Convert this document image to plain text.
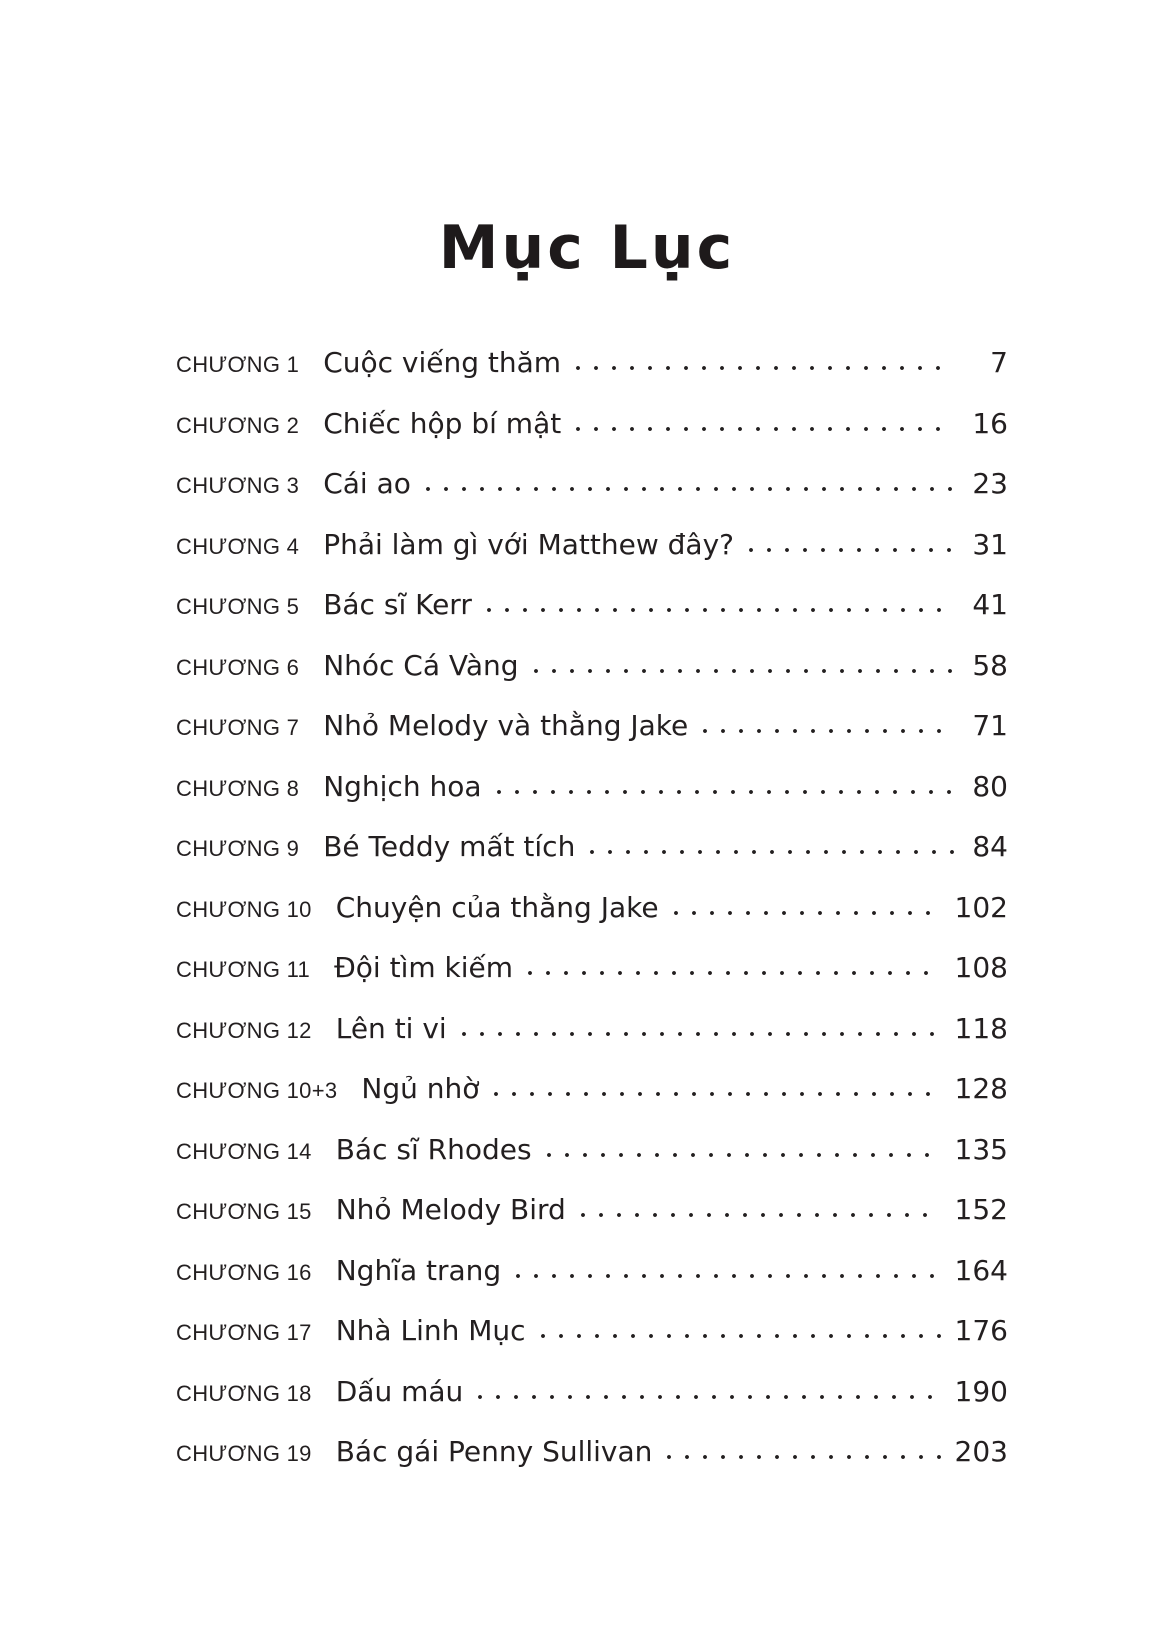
Mục Lục
CHƯƠNG 1 Cuộc viếng thăm	7
CHƯƠNG 2 Chiếc hộp bí mật	16
CHƯƠNG 3 Cái ao	23
CHƯƠNG 4 Phải làm gì với Matthew đây?	31
CHƯƠNG 5 Bác sĩ Kerr	41
CHƯƠNG 6 Nhóc Cá Vàng	58
CHƯƠNG 7 Nhỏ Melody và thằng Jake	71
CHƯƠNG 8 Nghịch hoa	80
CHƯƠNG 9 Bé Teddy mất tích	84
CHƯƠNG 10 Chuyện của thằng Jake	102
CHƯƠNG 11 Đội tìm kiếm	108
CHƯƠNG 12 Lên ti vi	118
CHƯƠNG 10+3 Ngủ nhờ	128
CHƯƠNG 14 Bác sĩ Rhodes	135
CHƯƠNG 15 Nhỏ Melody Bird	152
CHƯƠNG 16 Nghĩa trang	164
CHƯƠNG 17 Nhà Linh Mục	176
CHƯƠNG 18 Dấu máu	190
CHƯƠNG 19 Bác gái Penny Sullivan	203
